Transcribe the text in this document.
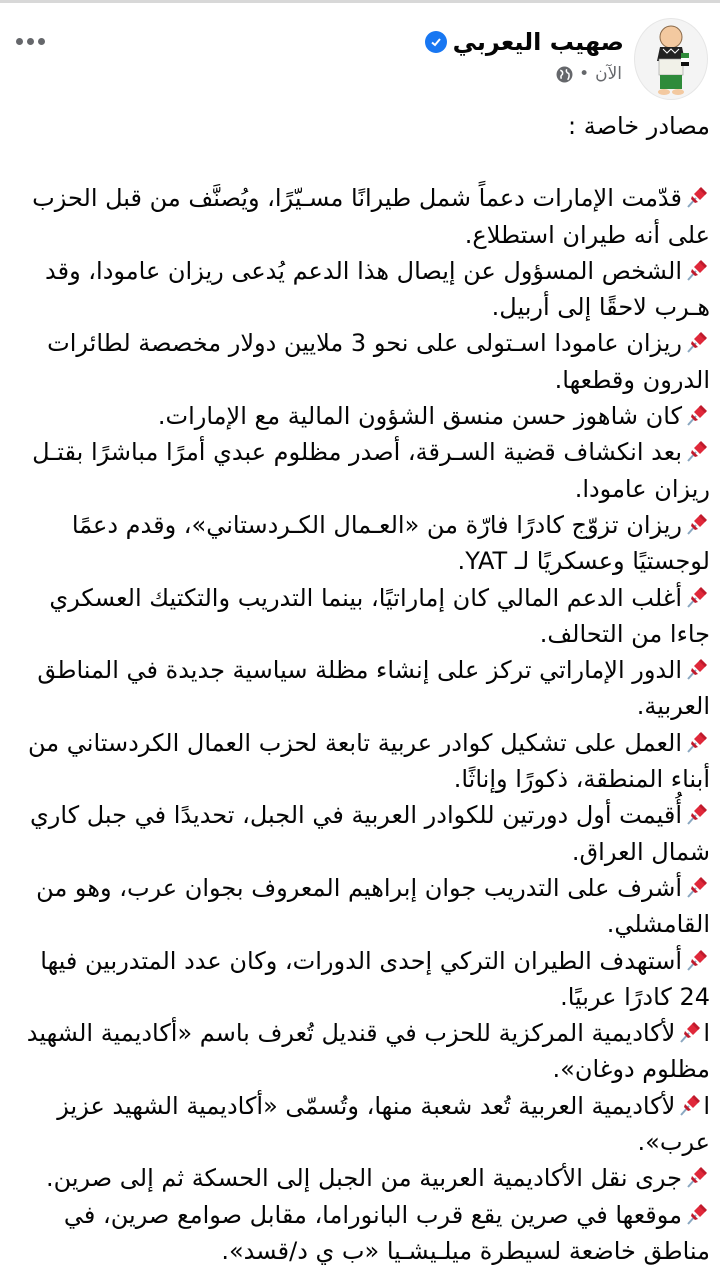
صهيب اليعربي
الآن
•

مصادر خاصة :

قدّمت الإمارات دعماً شمل طيرانًا مسـيّرًا، ويُصنَّف من قبل الحزب على أنه طيران استطلاع.

الشخص المسؤول عن إيصال هذا الدعم يُدعى ريزان عامودا، وقد هـرب لاحقًا إلى أربيل.

ريزان عامودا اسـتولى على نحو 3 ملايين دولار مخصصة لطائرات الدرون وقطعها.

كان شاهوز حسن منسق الشؤون المالية مع الإمارات.

بعد انكشاف قضية السـرقة، أصدر مظلوم عبدي أمرًا مباشرًا بقتـل ريزان عامودا.

ريزان تزوّج كادرًا فارّة من «العـمال الكـردستاني»، وقدم دعمًا لوجستيًا وعسكريًا لـ YAT.

أغلب الدعم المالي كان إماراتيًا، بينما التدريب والتكتيك العسكري جاءا من التحالف.

الدور الإماراتي تركز على إنشاء مظلة سياسية جديدة في المناطق العربية.

العمل على تشكيل كوادر عربية تابعة لحزب العمال الكردستاني من أبناء المنطقة، ذكورًا وإناثًا.

أُقيمت أول دورتين للكوادر العربية في الجبل، تحديدًا في جبل كاري شمال العراق.

أشرف على التدريب جوان إبراهيم المعروف بجوان عرب، وهو من القامشلي.

أستهدف الطيران التركي إحدى الدورات، وكان عدد المتدربين فيها 24 كادرًا عربيًا.

الأكاديمية المركزية للحزب في قنديل تُعرف باسم «أكاديمية الشهيد مظلوم دوغان».

الأكاديمية العربية تُعد شعبة منها، وتُسمّى «أكاديمية الشهيد عزيز عرب».

جرى نقل الأكاديمية العربية من الجبل إلى الحسكة ثم إلى صرين.

موقعها في صرين يقع قرب البانوراما، مقابل صوامع صرين، في مناطق خاضعة لسيطرة ميلـيشـيا «ب ي د/قسد».
